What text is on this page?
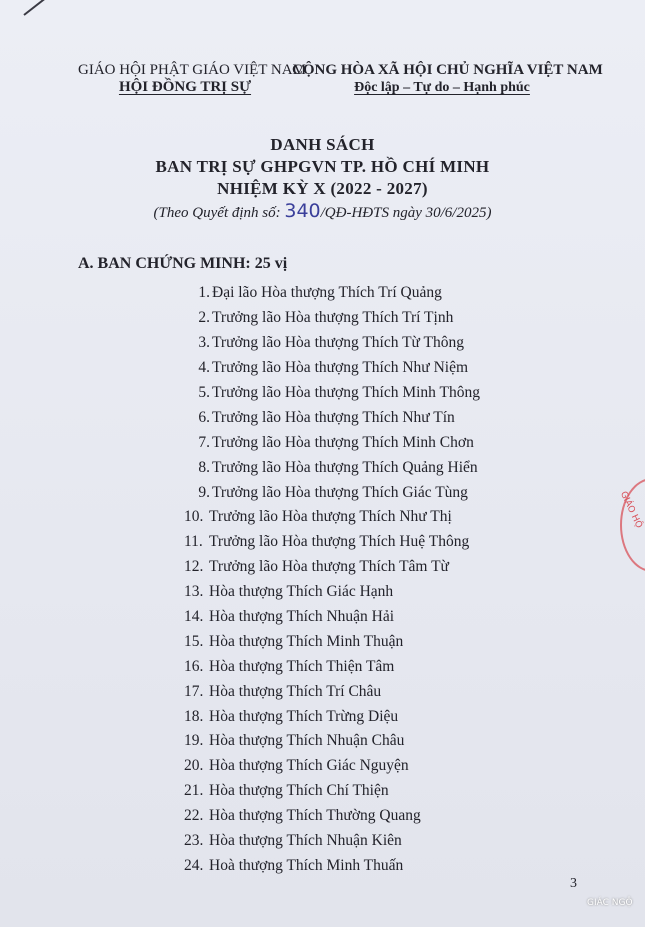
GIÁO HỘI PHẬT GIÁO VIỆT NAM
HỘI ĐỒNG TRỊ SỰ
CỘNG HÒA XÃ HỘI CHỦ NGHĨA VIỆT NAM
Độc lập – Tự do – Hạnh phúc
DANH SÁCH
BAN TRỊ SỰ GHPGVN TP. HỒ CHÍ MINH
NHIỆM KỲ X (2022 - 2027)
(Theo Quyết định số: 340/QĐ-HĐTS ngày 30/6/2025)
A. BAN CHỨNG MINH: 25 vị
1. Đại lão Hòa thượng Thích Trí Quảng
2. Trưởng lão Hòa thượng Thích Trí Tịnh
3. Trưởng lão Hòa thượng Thích Từ Thông
4. Trưởng lão Hòa thượng Thích Như Niệm
5. Trưởng lão Hòa thượng Thích Minh Thông
6. Trưởng lão Hòa thượng Thích Như Tín
7. Trưởng lão Hòa thượng Thích Minh Chơn
8. Trưởng lão Hòa thượng Thích Quảng Hiển
9. Trưởng lão Hòa thượng Thích Giác Tùng
10. Trưởng lão Hòa thượng Thích Như Thị
11. Trưởng lão Hòa thượng Thích Huệ Thông
12. Trưởng lão Hòa thượng Thích Tâm Từ
13. Hòa thượng Thích Giác Hạnh
14. Hòa thượng Thích Nhuận Hải
15. Hòa thượng Thích Minh Thuận
16. Hòa thượng Thích Thiện Tâm
17. Hòa thượng Thích Trí Châu
18. Hòa thượng Thích Trừng Diệu
19. Hòa thượng Thích Nhuận Châu
20. Hòa thượng Thích Giác Nguyện
21. Hòa thượng Thích Chí Thiện
22. Hòa thượng Thích Thường Quang
23. Hòa thượng Thích Nhuận Kiên
24. Hoà thượng Thích Minh Thuấn
GIÁO HỘ
3
GIÁC NGỘ
